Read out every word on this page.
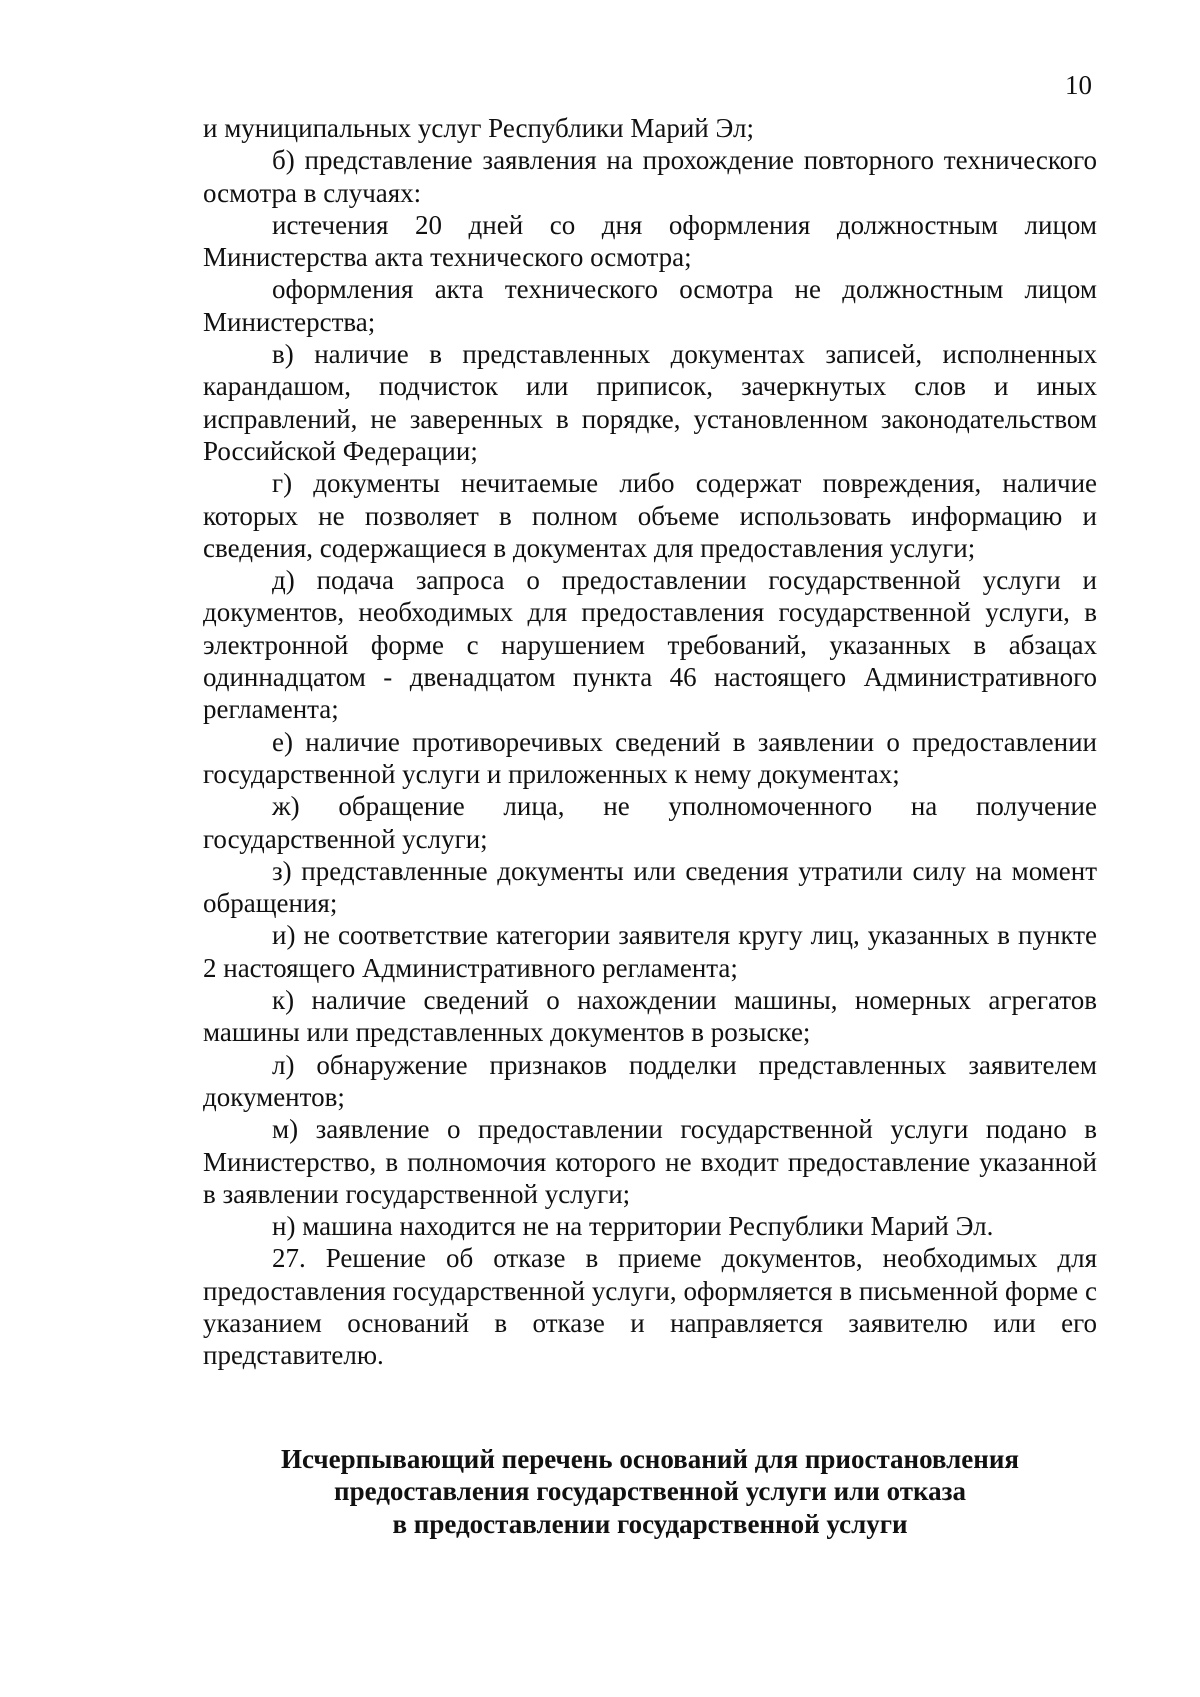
10

и муниципальных услуг Республики Марий Эл;

б) представление заявления на прохождение повторного технического осмотра в случаях:

истечения 20 дней со дня оформления должностным лицом Министерства акта технического осмотра;

оформления акта технического осмотра не должностным лицом Министерства;

в) наличие в представленных документах записей, исполненных карандашом, подчисток или приписок, зачеркнутых слов и иных исправлений, не заверенных в порядке, установленном законодательством Российской Федерации;

г) документы нечитаемые либо содержат повреждения, наличие которых не позволяет в полном объеме использовать информацию и сведения, содержащиеся в документах для предоставления услуги;

д) подача запроса о предоставлении государственной услуги и документов, необходимых для предоставления государственной услуги, в электронной форме с нарушением требований, указанных в абзацах одиннадцатом - двенадцатом пункта 46 настоящего Административного регламента;

е) наличие противоречивых сведений в заявлении о предоставлении государственной услуги и приложенных к нему документах;

ж) обращение лица, не уполномоченного на получение государственной услуги;

з) представленные документы или сведения утратили силу на момент обращения;

и) не соответствие категории заявителя кругу лиц, указанных в пункте 2 настоящего Административного регламента;

к) наличие сведений о нахождении машины, номерных агрегатов машины или представленных документов в розыске;

л) обнаружение признаков подделки представленных заявителем документов;

м) заявление о предоставлении государственной услуги подано в Министерство, в полномочия которого не входит предоставление указанной в заявлении государственной услуги;

н) машина находится не на территории Республики Марий Эл.

27. Решение об отказе в приеме документов, необходимых для предоставления государственной услуги, оформляется в письменной форме с указанием оснований в отказе и направляется заявителю или его представителю.

Исчерпывающий перечень оснований для приостановления
предоставления государственной услуги или отказа
в предоставлении государственной услуги
